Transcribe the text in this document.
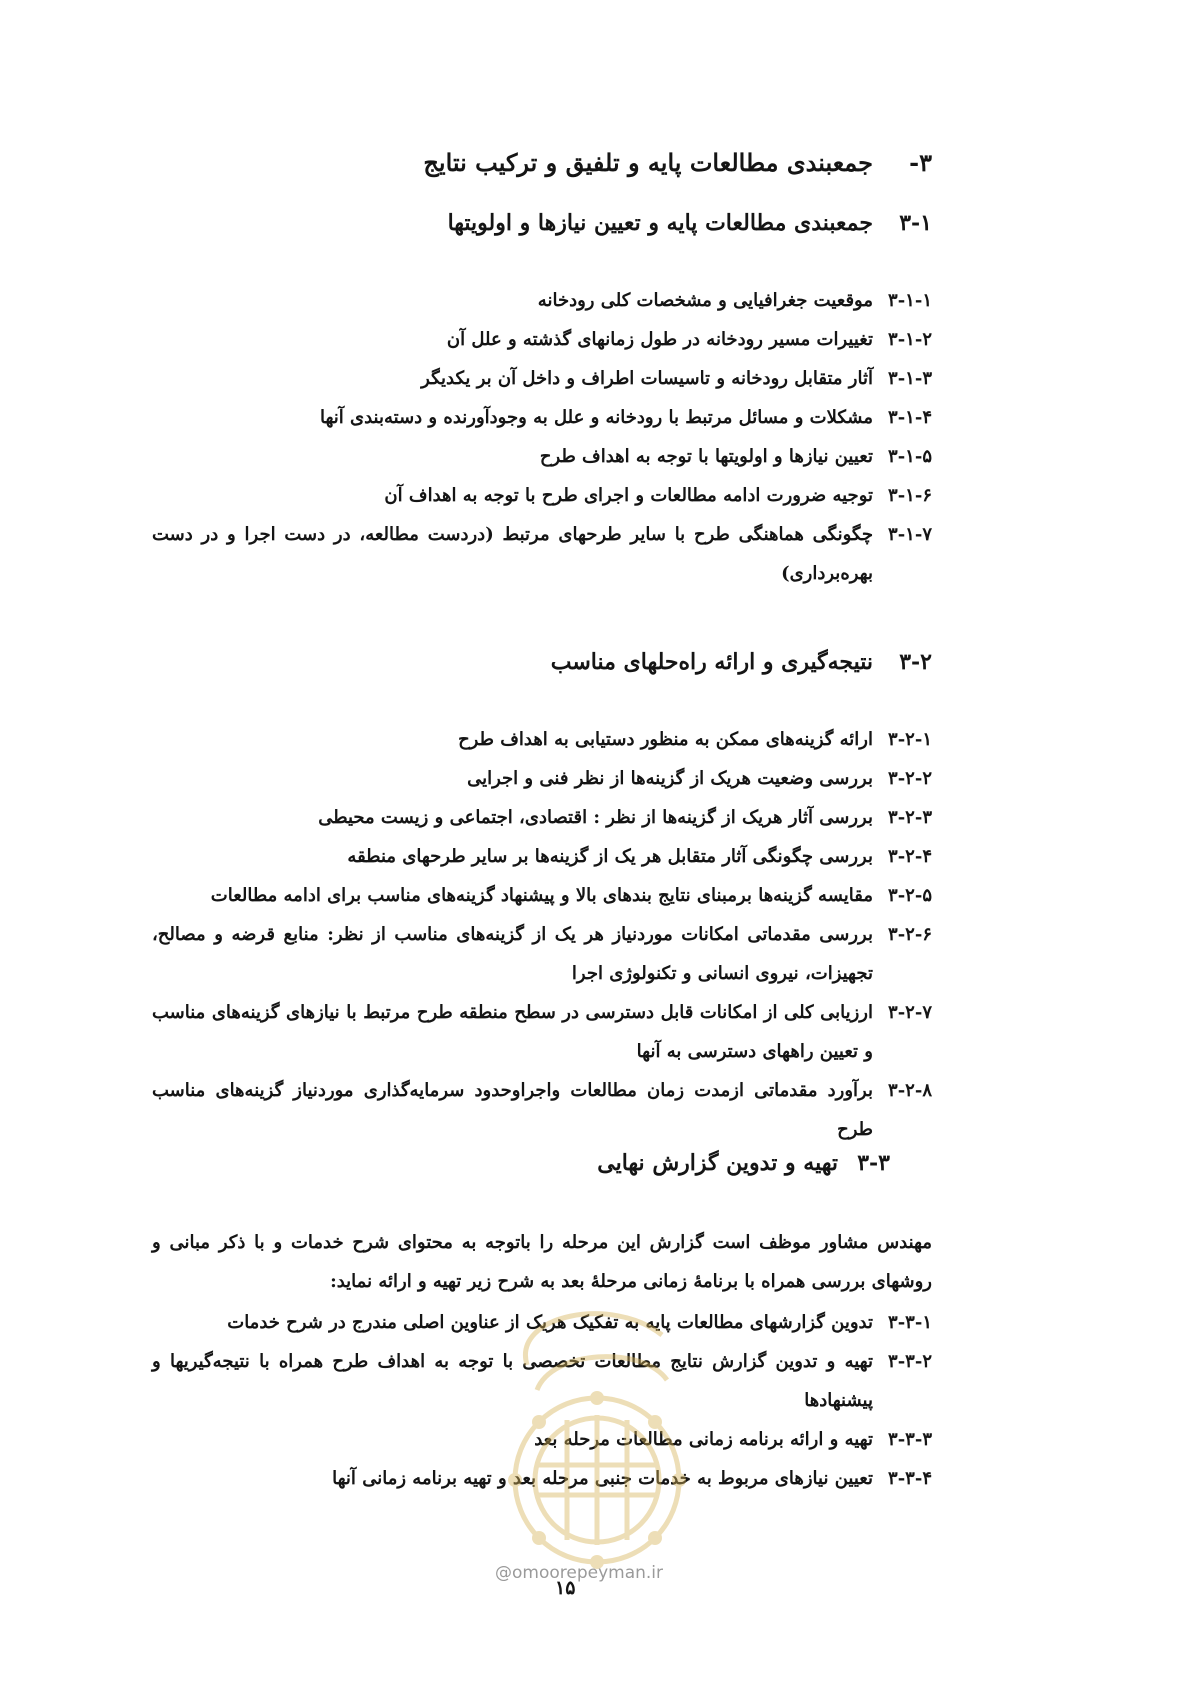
۳-
جمعبندی مطالعات پایه و تلفیق و ترکیب نتایج
۳-۱
جمعبندی مطالعات پایه و تعیین نیازها و اولویتها
۳-۱-۱
موقعیت جغرافیایی و مشخصات کلی رودخانه
۳-۱-۲
تغییرات مسیر رودخانه در طول زمانهای گذشته و علل آن
۳-۱-۳
آثار متقابل رودخانه و تاسیسات اطراف و داخل آن بر یکدیگر
۳-۱-۴
مشکلات و مسائل مرتبط با رودخانه و علل به وجودآورنده و دسته‌بندی آنها
۳-۱-۵
تعیین نیازها و اولویتها با توجه به اهداف طرح
۳-۱-۶
توجیه ضرورت ادامه مطالعات و اجرای طرح با توجه به اهداف آن
۳-۱-۷
چگونگی هماهنگی طرح با سایر طرحهای مرتبط (دردست مطالعه، در دست اجرا و در دست بهره‌برداری)
۳-۲
نتیجه‌گیری و ارائه راه‌حلهای مناسب
۳-۲-۱
ارائه گزینه‌های ممکن به منظور دستیابی به اهداف طرح
۳-۲-۲
بررسی وضعیت هریک از گزینه‌ها از نظر فنی و اجرایی
۳-۲-۳
بررسی آثار هریک از گزینه‌ها از نظر : اقتصادی، اجتماعی و زیست محیطی
۳-۲-۴
بررسی چگونگی آثار متقابل هر یک از گزینه‌ها بر سایر طرحهای منطقه
۳-۲-۵
مقایسه گزینه‌ها برمبنای نتایج بندهای بالا و پیشنهاد گزینه‌های مناسب برای ادامه مطالعات
۳-۲-۶
بررسی مقدماتی امکانات موردنیاز هر یک از گزینه‌های مناسب از نظر: منابع قرضه و مصالح، تجهیزات، نیروی انسانی و تکنولوژی اجرا
۳-۲-۷
ارزیابی کلی از امکانات قابل دسترسی در سطح منطقه طرح مرتبط با نیازهای گزینه‌های مناسب و تعیین راههای دسترسی به آنها
۳-۲-۸
برآورد مقدماتی ازمدت زمان مطالعات واجراوحدود سرمایه‌گذاری موردنیاز گزینه‌های مناسب طرح
۳-۳
تهیه و تدوین گزارش نهایی
مهندس مشاور موظف است گزارش این مرحله را باتوجه به محتوای شرح خدمات و با ذکر مبانی و روشهای بررسی همراه با برنامهٔ زمانی مرحلهٔ بعد به شرح زیر تهیه و ارائه نماید:
۳-۳-۱
تدوین گزارشهای مطالعات پایه به تفکیک هریک از عناوین اصلی مندرج در شرح خدمات
۳-۳-۲
تهیه و تدوین گزارش نتایج مطالعات تخصصی با توجه به اهداف طرح همراه با نتیجه‌گیریها و پیشنهادها
۳-۳-۳
تهیه و ارائه برنامه زمانی مطالعات مرحله بعد
۳-۳-۴
تعیین نیازهای مربوط به خدمات جنبی مرحله بعد و تهیه برنامه زمانی آنها
@omoorepeyman.ir
۱۵
